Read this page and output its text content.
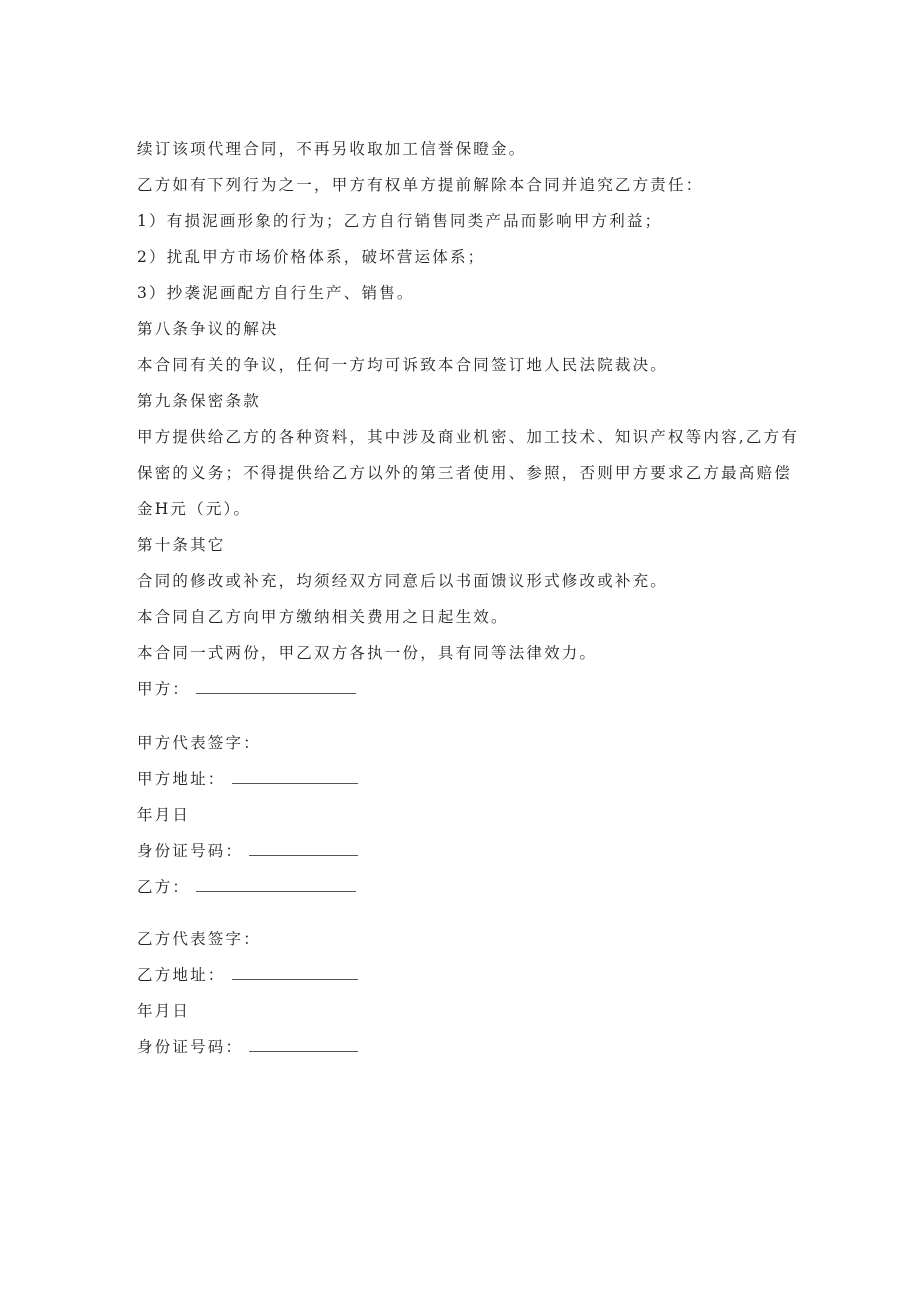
续订该项代理合同，不再另收取加工信誉保瞪金。
乙方如有下列行为之一，甲方有权单方提前解除本合同并追究乙方责任：
1）有损泥画形象的行为；乙方自行销售同类产品而影响甲方利益；
2）扰乱甲方市场价格体系，破坏营运体系；
3）抄袭泥画配方自行生产、销售。
第八条争议的解决
本合同有关的争议，任何一方均可诉致本合同签订地人民法院裁决。
第九条保密条款
甲方提供给乙方的各种资料，其中涉及商业机密、加工技术、知识产权等内容,乙方有
保密的义务；不得提供给乙方以外的第三者使用、参照，否则甲方要求乙方最高赔偿
金H元（元）。
第十条其它
合同的修改或补充，均须经双方同意后以书面馈议形式修改或补充。
本合同自乙方向甲方缴纳相关费用之日起生效。
本合同一式两份，甲乙双方各执一份，具有同等法律效力。
甲方：
甲方代表签字：
甲方地址：
年月日
身份证号码：
乙方：
乙方代表签字：
乙方地址：
年月日
身份证号码：
